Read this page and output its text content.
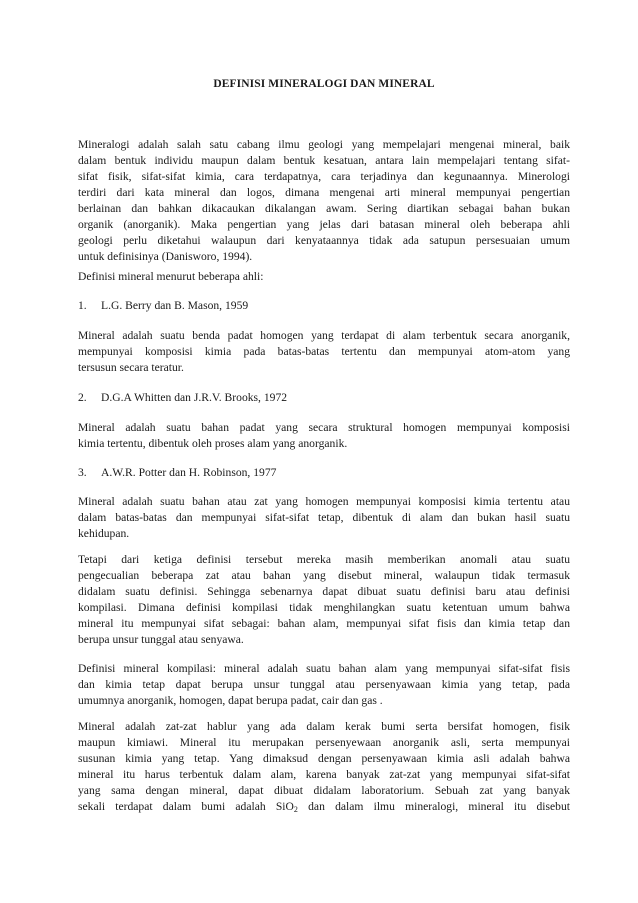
DEFINISI MINERALOGI DAN MINERAL
Mineralogi adalah salah satu cabang ilmu geologi yang mempelajari mengenai mineral, baik
dalam bentuk individu maupun dalam bentuk kesatuan, antara lain mempelajari tentang sifat-
sifat fisik, sifat-sifat kimia, cara terdapatnya, cara terjadinya dan kegunaannya. Minerologi
terdiri dari kata mineral dan logos, dimana mengenai arti mineral mempunyai pengertian
berlainan dan bahkan dikacaukan dikalangan awam. Sering diartikan sebagai bahan bukan
organik (anorganik). Maka pengertian yang jelas dari batasan mineral oleh beberapa ahli
geologi perlu diketahui walaupun dari kenyataannya tidak ada satupun persesuaian umum
untuk definisinya (Danisworo, 1994).
Definisi mineral menurut beberapa ahli:
1. L.G. Berry dan B. Mason, 1959
Mineral adalah suatu benda padat homogen yang terdapat di alam terbentuk secara anorganik,
mempunyai komposisi kimia pada batas-batas tertentu dan mempunyai atom-atom yang
tersusun secara teratur.
2. D.G.A Whitten dan J.R.V. Brooks, 1972
Mineral adalah suatu bahan padat yang secara struktural homogen mempunyai komposisi
kimia tertentu, dibentuk oleh proses alam yang anorganik.
3. A.W.R. Potter dan H. Robinson, 1977
Mineral adalah suatu bahan atau zat yang homogen mempunyai komposisi kimia tertentu atau
dalam batas-batas dan mempunyai sifat-sifat tetap, dibentuk di alam dan bukan hasil suatu
kehidupan.
Tetapi dari ketiga definisi tersebut mereka masih memberikan anomali atau suatu
pengecualian beberapa zat atau bahan yang disebut mineral, walaupun tidak termasuk
didalam suatu definisi. Sehingga sebenarnya dapat dibuat suatu definisi baru atau definisi
kompilasi. Dimana definisi kompilasi tidak menghilangkan suatu ketentuan umum bahwa
mineral itu mempunyai sifat sebagai: bahan alam, mempunyai sifat fisis dan kimia tetap dan
berupa unsur tunggal atau senyawa.
Definisi mineral kompilasi: mineral adalah suatu bahan alam yang mempunyai sifat-sifat fisis
dan kimia tetap dapat berupa unsur tunggal atau persenyawaan kimia yang tetap, pada
umumnya anorganik, homogen, dapat berupa padat, cair dan gas .
Mineral adalah zat-zat hablur yang ada dalam kerak bumi serta bersifat homogen, fisik
maupun kimiawi. Mineral itu merupakan persenyewaan anorganik asli, serta mempunyai
susunan kimia yang tetap. Yang dimaksud dengan persenyawaan kimia asli adalah bahwa
mineral itu harus terbentuk dalam alam, karena banyak zat-zat yang mempunyai sifat-sifat
yang sama dengan mineral, dapat dibuat didalam laboratorium. Sebuah zat yang banyak
sekali terdapat dalam bumi adalah SiO$_2$ dan dalam ilmu mineralogi, mineral itu disebut
